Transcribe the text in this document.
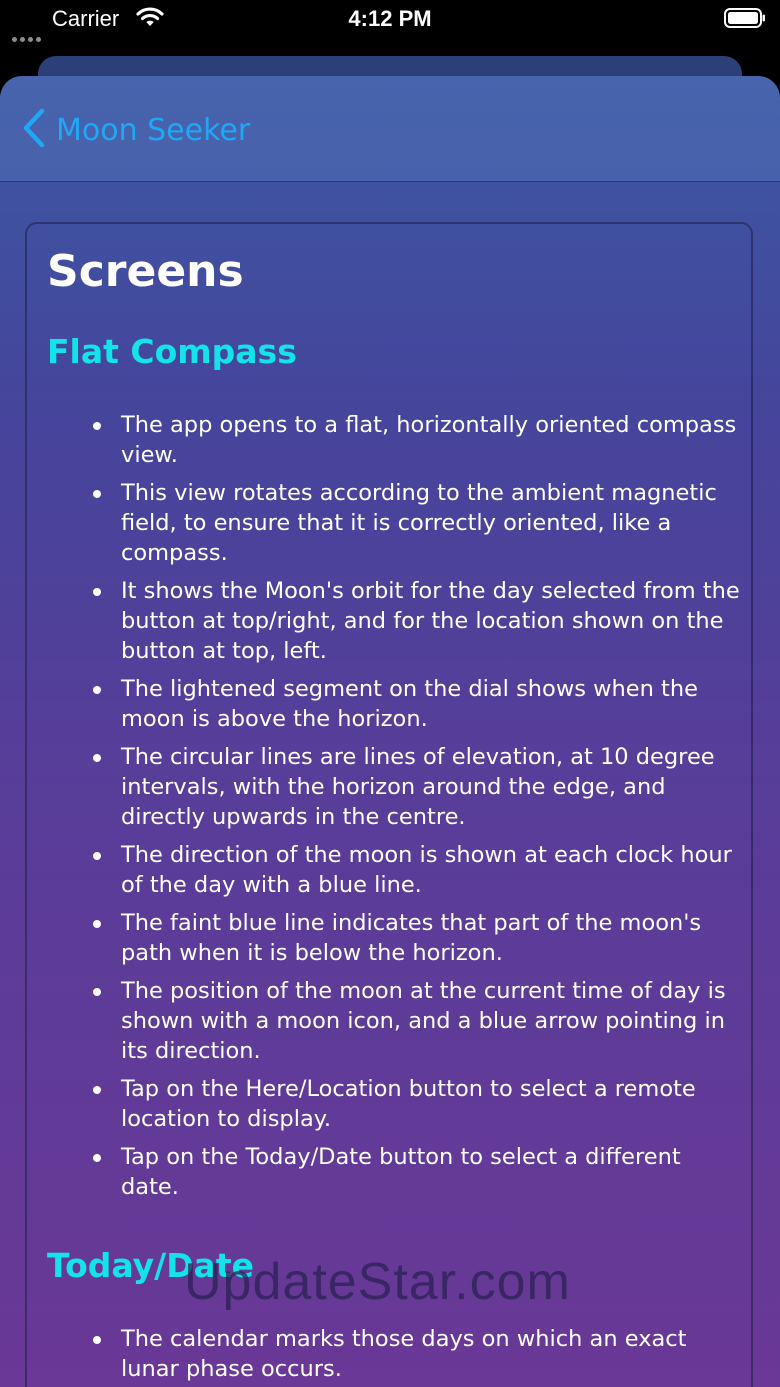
Carrier	4:12 PM
Moon Seeker
Screens
Flat Compass
The app opens to a flat, horizontally oriented compass view.
This view rotates according to the ambient magnetic field, to ensure that it is correctly oriented, like a compass.
It shows the Moon's orbit for the day selected from the button at top/right, and for the location shown on the button at top, left.
The lightened segment on the dial shows when the moon is above the horizon.
The circular lines are lines of elevation, at 10 degree intervals, with the horizon around the edge, and directly upwards in the centre.
The direction of the moon is shown at each clock hour of the day with a blue line.
The faint blue line indicates that part of the moon's path when it is below the horizon.
The position of the moon at the current time of day is shown with a moon icon, and a blue arrow pointing in its direction.
Tap on the Here/Location button to select a remote location to display.
Tap on the Today/Date button to select a different date.
Today/Date
The calendar marks those days on which an exact lunar phase occurs.
UpdateStar.com
